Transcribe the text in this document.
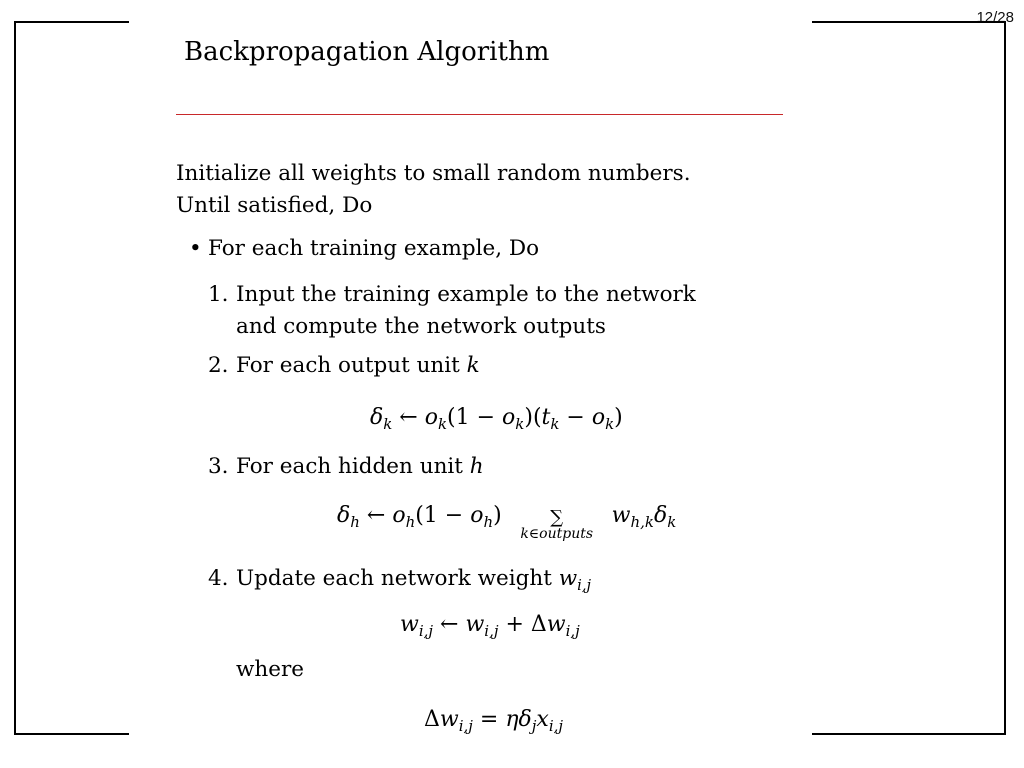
12/28
Backpropagation Algorithm
Initialize all weights to small random numbers.
Until satisfied, Do
• For each training example, Do
1. Input the training example to the network
and compute the network outputs
2. For each output unit k
$\delta_k$ ← $o_k(1 - o_k)(t_k - o_k)$
3. For each hidden unit h
$\delta_h$ ← $o_h(1 - o_h)$	∑
k∈outputs
$w_{h,k}\delta_k$
4. Update each network weight $w_{i,j}$
$w_{i,j}$ ← $w_{i,j} + \Delta w_{i,j}$
where
$\Delta w_{i,j} = \eta\delta_jx_{i,j}$
